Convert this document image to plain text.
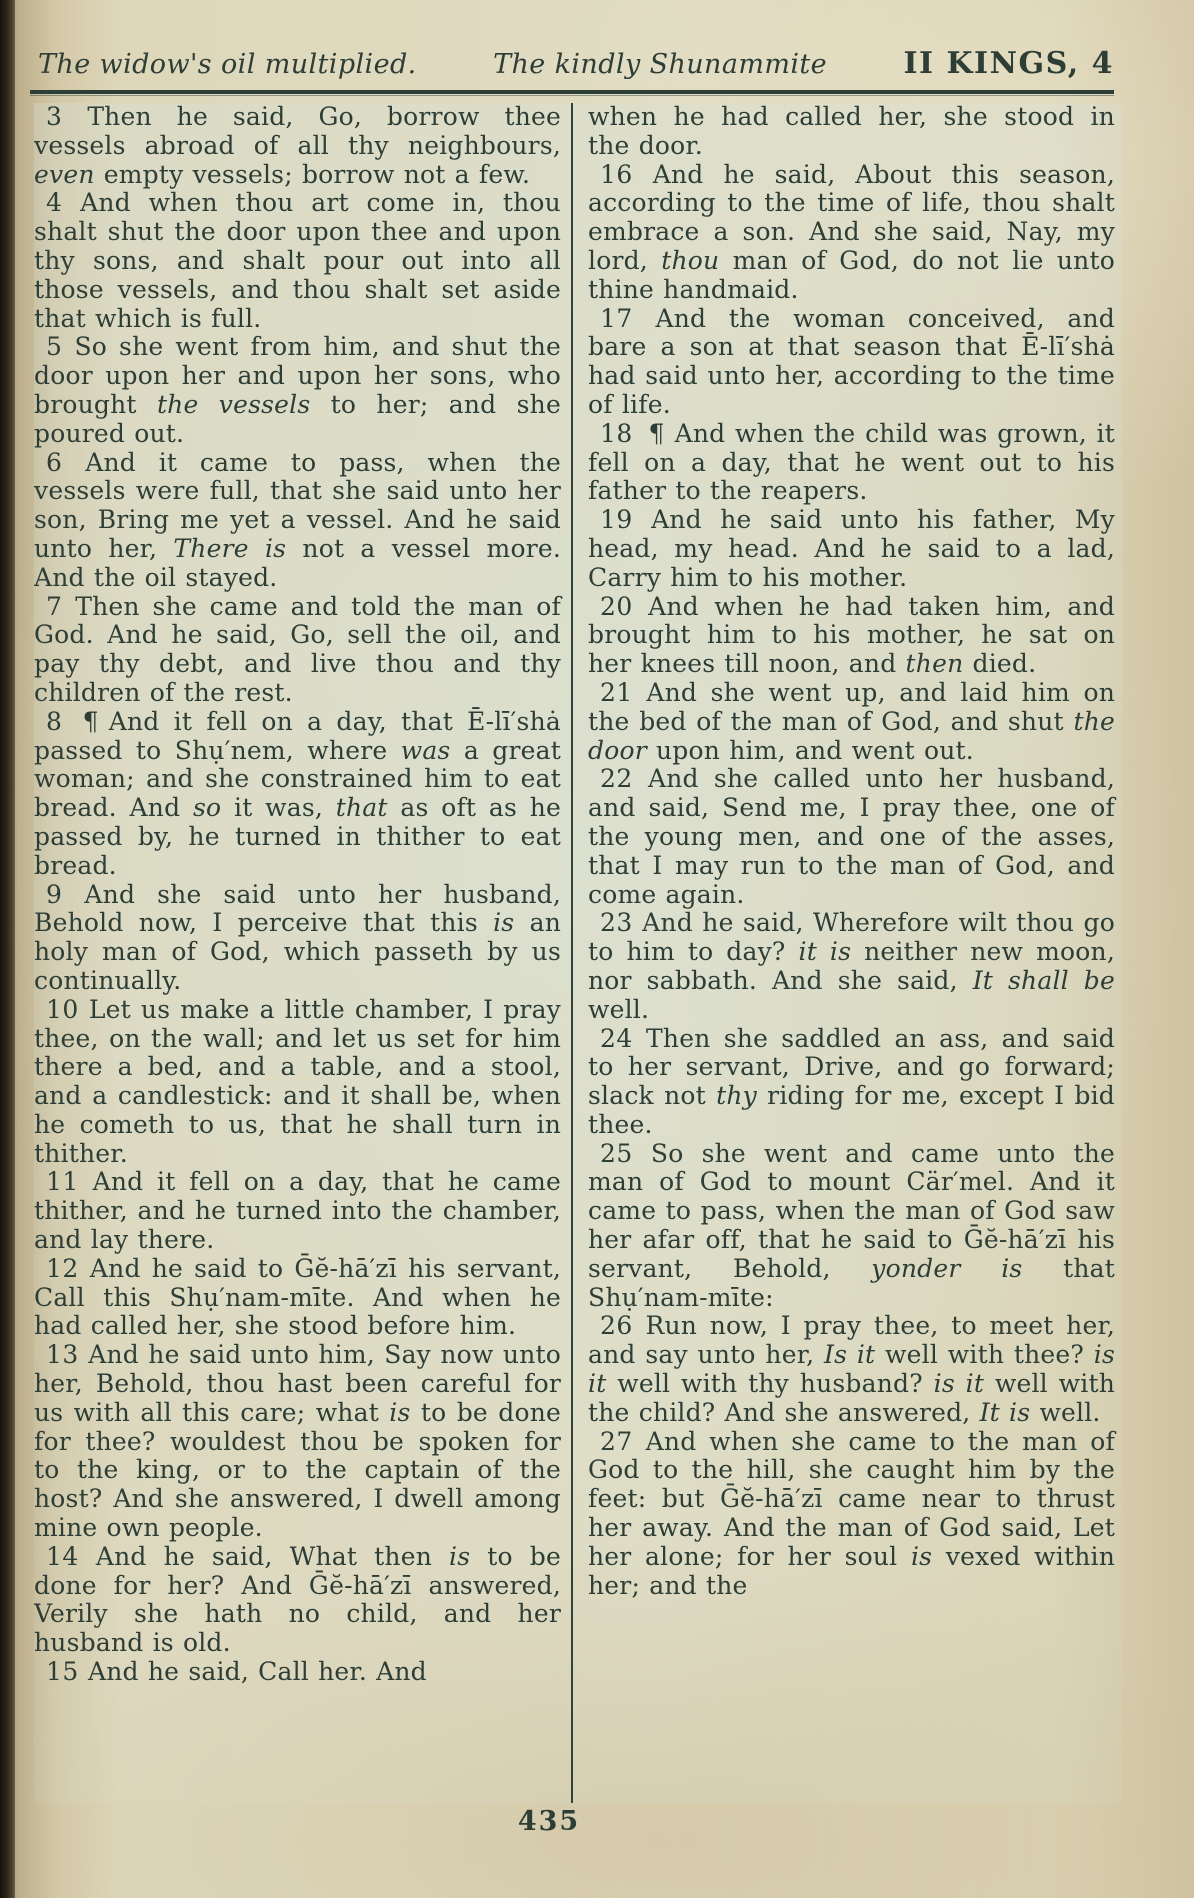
The widow's oil multiplied.	The kindly Shunammite	II KINGS, 4

3 Then he said, Go, borrow thee vessels abroad of all thy neighbours, even empty vessels; borrow not a few.

4 And when thou art come in, thou shalt shut the door upon thee and upon thy sons, and shalt pour out into all those vessels, and thou shalt set aside that which is full.

5 So she went from him, and shut the door upon her and upon her sons, who brought the vessels to her; and she poured out.

6 And it came to pass, when the vessels were full, that she said unto her son, Bring me yet a vessel. And he said unto her, There is not a vessel more. And the oil stayed.

7 Then she came and told the man of God. And he said, Go, sell the oil, and pay thy debt, and live thou and thy children of the rest.

8 ¶ And it fell on a day, that Ē-lī′shȧ passed to Shụ′nem, where was a great woman; and she constrained him to eat bread. And so it was, that as oft as he passed by, he turned in thither to eat bread.

9 And she said unto her husband, Behold now, I perceive that this is an holy man of God, which passeth by us continually.

10 Let us make a little chamber, I pray thee, on the wall; and let us set for him there a bed, and a table, and a stool, and a candlestick: and it shall be, when he cometh to us, that he shall turn in thither.

11 And it fell on a day, that he came thither, and he turned into the chamber, and lay there.

12 And he said to Ḡĕ-hā′zī his servant, Call this Shụ′nam-mīte. And when he had called her, she stood before him.

13 And he said unto him, Say now unto her, Behold, thou hast been careful for us with all this care; what is to be done for thee? wouldest thou be spoken for to the king, or to the captain of the host? And she answered, I dwell among mine own people.

14 And he said, What then is to be done for her? And Ḡĕ-hā′zī answered, Verily she hath no child, and her husband is old.

15 And he said, Call her. And

when he had called her, she stood in the door.

16 And he said, About this season, according to the time of life, thou shalt embrace a son. And she said, Nay, my lord, thou man of God, do not lie unto thine handmaid.

17 And the woman conceived, and bare a son at that season that Ē-lī′shȧ had said unto her, according to the time of life.

18 ¶ And when the child was grown, it fell on a day, that he went out to his father to the reapers.

19 And he said unto his father, My head, my head. And he said to a lad, Carry him to his mother.

20 And when he had taken him, and brought him to his mother, he sat on her knees till noon, and then died.

21 And she went up, and laid him on the bed of the man of God, and shut the door upon him, and went out.

22 And she called unto her husband, and said, Send me, I pray thee, one of the young men, and one of the asses, that I may run to the man of God, and come again.

23 And he said, Wherefore wilt thou go to him to day? it is neither new moon, nor sabbath. And she said, It shall be well.

24 Then she saddled an ass, and said to her servant, Drive, and go forward; slack not thy riding for me, except I bid thee.

25 So she went and came unto the man of God to mount Cär′mel. And it came to pass, when the man of God saw her afar off, that he said to Ḡĕ-hā′zī his servant, Behold, yonder is that Shụ′nam-mīte:

26 Run now, I pray thee, to meet her, and say unto her, Is it well with thee? is it well with thy husband? is it well with the child? And she answered, It is well.

27 And when she came to the man of God to the hill, she caught him by the feet: but Ḡĕ-hā′zī came near to thrust her away. And the man of God said, Let her alone; for her soul is vexed within her; and the

435
